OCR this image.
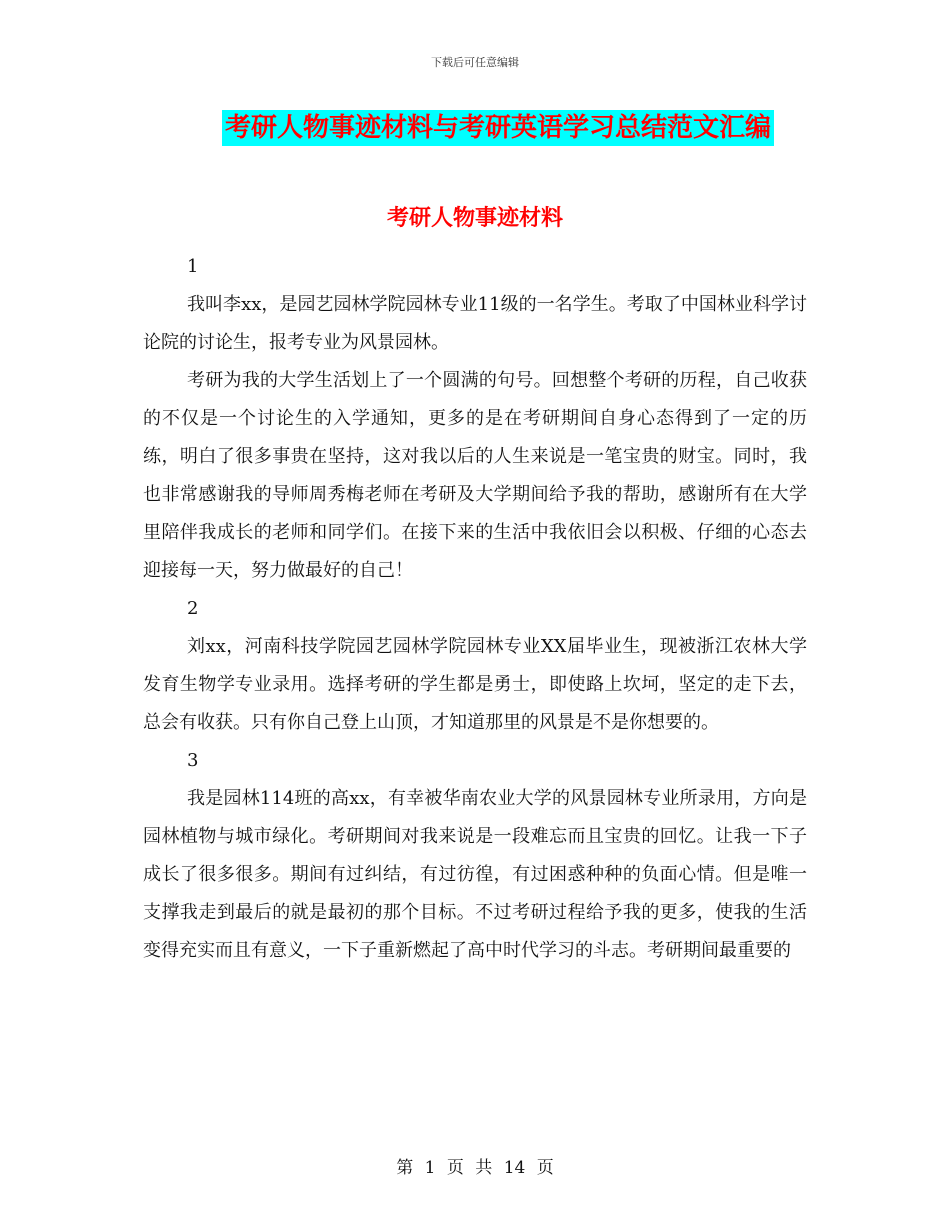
下载后可任意编辑
考研人物事迹材料与考研英语学习总结范文汇编
考研人物事迹材料

1

我叫李xx，是园艺园林学院园林专业11级的一名学生。考取了中国林业科学讨论院的讨论生，报考专业为风景园林。

考研为我的大学生活划上了一个圆满的句号。回想整个考研的历程，自己收获的不仅是一个讨论生的入学通知，更多的是在考研期间自身心态得到了一定的历练，明白了很多事贵在坚持，这对我以后的人生来说是一笔宝贵的财宝。同时，我也非常感谢我的导师周秀梅老师在考研及大学期间给予我的帮助，感谢所有在大学里陪伴我成长的老师和同学们。在接下来的生活中我依旧会以积极、仔细的心态去迎接每一天，努力做最好的自己！

2

刘xx，河南科技学院园艺园林学院园林专业XX届毕业生，现被浙江农林大学发育生物学专业录用。选择考研的学生都是勇士，即使路上坎坷，坚定的走下去，总会有收获。只有你自己登上山顶，才知道那里的风景是不是你想要的。

3

我是园林114班的高xx，有幸被华南农业大学的风景园林专业所录用，方向是园林植物与城市绿化。考研期间对我来说是一段难忘而且宝贵的回忆。让我一下子成长了很多很多。期间有过纠结，有过彷徨，有过困惑种种的负面心情。但是唯一支撑我走到最后的就是最初的那个目标。不过考研过程给予我的更多，使我的生活变得充实而且有意义，一下子重新燃起了高中时代学习的斗志。考研期间最重要的

第 1 页 共 14 页
